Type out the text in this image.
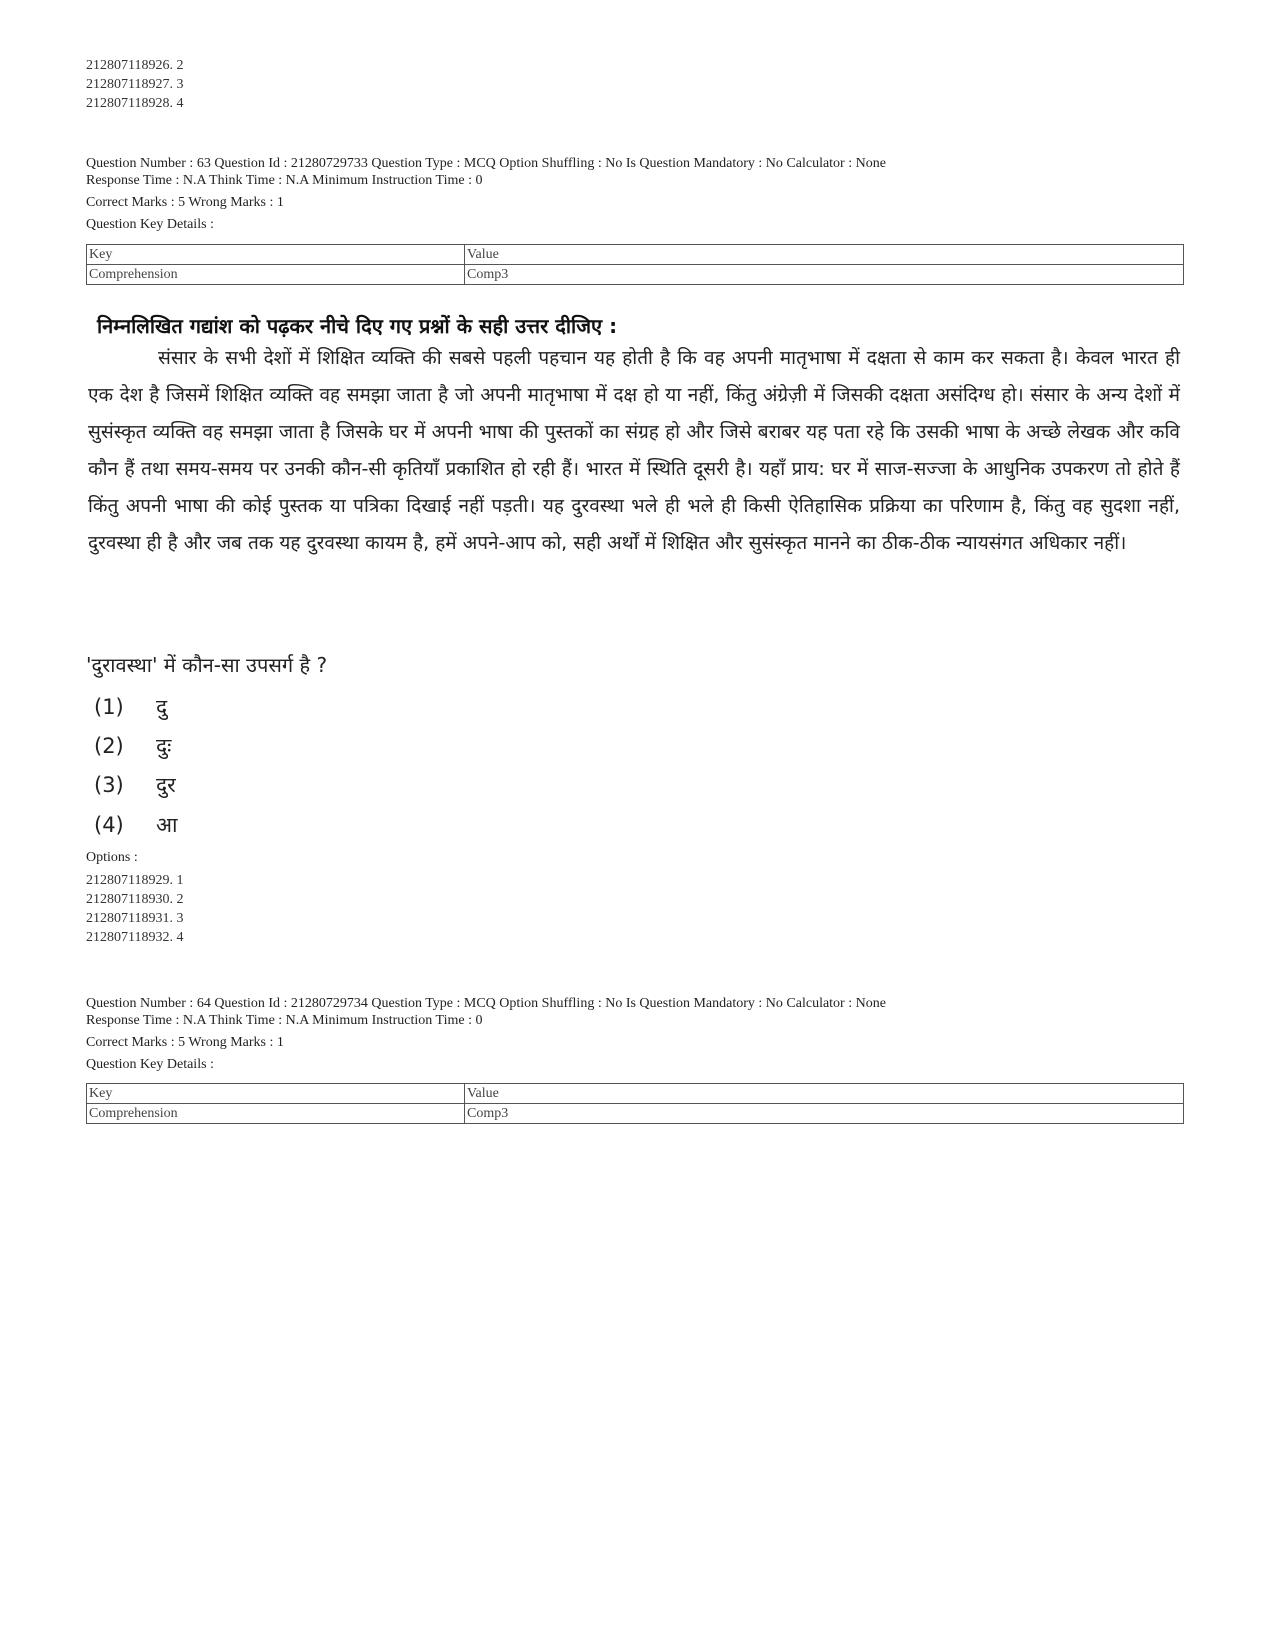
212807118926. 2
212807118927. 3
212807118928. 4
Question Number : 63 Question Id : 21280729733 Question Type : MCQ Option Shuffling : No Is Question Mandatory : No Calculator : None
Response Time : N.A Think Time : N.A Minimum Instruction Time : 0
Correct Marks : 5 Wrong Marks : 1
Question Key Details :
Key	Value
Comprehension	Comp3
निम्नलिखित गद्यांश को पढ़कर नीचे दिए गए प्रश्नों के सही उत्तर दीजिए :
संसार के सभी देशों में शिक्षित व्यक्ति की सबसे पहली पहचान यह होती है कि वह अपनी मातृभाषा में दक्षता से काम कर सकता है। केवल भारत ही एक देश है जिसमें शिक्षित व्यक्ति वह समझा जाता है जो अपनी मातृभाषा में दक्ष हो या नहीं, किंतु अंग्रेज़ी में जिसकी दक्षता असंदिग्ध हो। संसार के अन्य देशों में सुसंस्कृत व्यक्ति वह समझा जाता है जिसके घर में अपनी भाषा की पुस्तकों का संग्रह हो और जिसे बराबर यह पता रहे कि उसकी भाषा के अच्छे लेखक और कवि कौन हैं तथा समय-समय पर उनकी कौन-सी कृतियाँ प्रकाशित हो रही हैं। भारत में स्थिति दूसरी है। यहाँ प्राय: घर में साज-सज्जा के आधुनिक उपकरण तो होते हैं किंतु अपनी भाषा की कोई पुस्तक या पत्रिका दिखाई नहीं पड़ती। यह दुरवस्था भले ही भले ही किसी ऐतिहासिक प्रक्रिया का परिणाम है, किंतु वह सुदशा नहीं, दुरवस्था ही है और जब तक यह दुरवस्था कायम है, हमें अपने-आप को, सही अर्थों में शिक्षित और सुसंस्कृत मानने का ठीक-ठीक न्यायसंगत अधिकार नहीं।
'दुरावस्था' में कौन-सा उपसर्ग है ?
(1) दु
(2) दुः
(3) दुर
(4) आ
Options :
212807118929. 1
212807118930. 2
212807118931. 3
212807118932. 4
Question Number : 64 Question Id : 21280729734 Question Type : MCQ Option Shuffling : No Is Question Mandatory : No Calculator : None
Response Time : N.A Think Time : N.A Minimum Instruction Time : 0
Correct Marks : 5 Wrong Marks : 1
Question Key Details :
Key	Value
Comprehension	Comp3
